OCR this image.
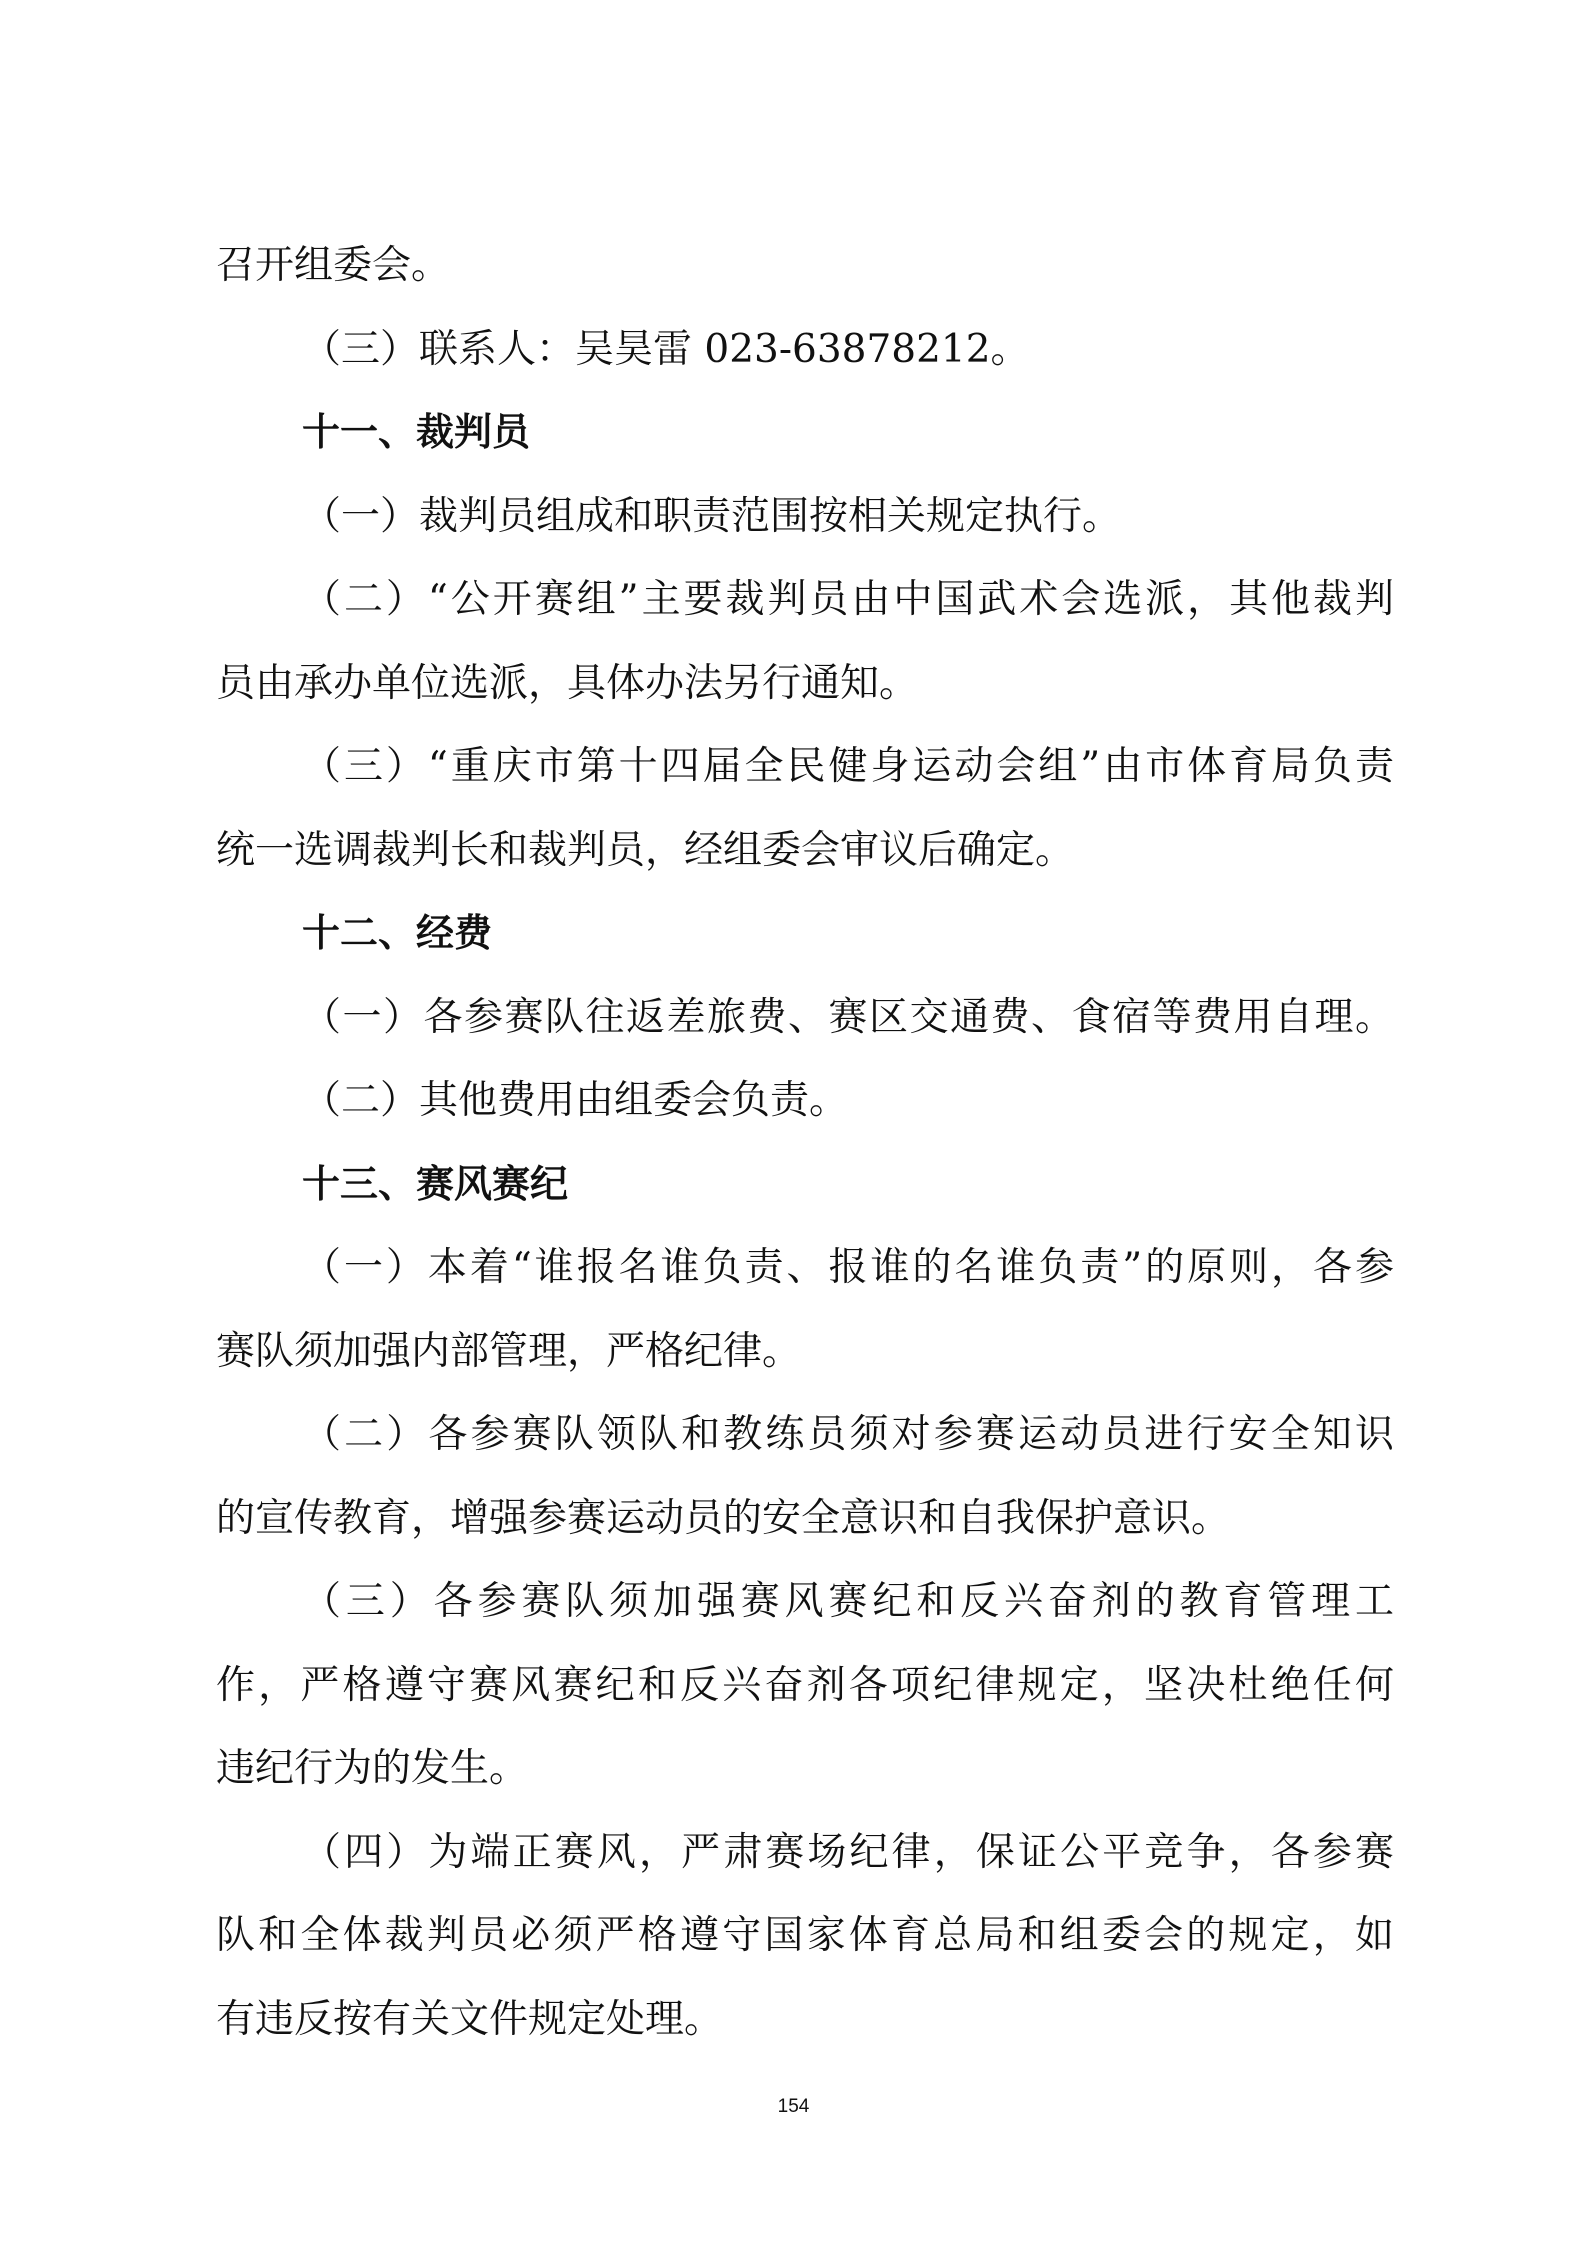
召开组委会。
（三）联系人：吴昊雷 023-63878212。
十一、裁判员
（一）裁判员组成和职责范围按相关规定执行。
（二）“公开赛组”主要裁判员由中国武术会选派，其他裁判
员由承办单位选派，具体办法另行通知。
（三）“重庆市第十四届全民健身运动会组”由市体育局负责
统一选调裁判长和裁判员，经组委会审议后确定。
十二、经费
（一）各参赛队往返差旅费、赛区交通费、食宿等费用自理。
（二）其他费用由组委会负责。
十三、赛风赛纪
（一）本着“谁报名谁负责、报谁的名谁负责”的原则，各参
赛队须加强内部管理，严格纪律。
（二）各参赛队领队和教练员须对参赛运动员进行安全知识
的宣传教育，增强参赛运动员的安全意识和自我保护意识。
（三）各参赛队须加强赛风赛纪和反兴奋剂的教育管理工
作，严格遵守赛风赛纪和反兴奋剂各项纪律规定，坚决杜绝任何
违纪行为的发生。
（四）为端正赛风，严肃赛场纪律，保证公平竞争，各参赛
队和全体裁判员必须严格遵守国家体育总局和组委会的规定，如
有违反按有关文件规定处理。
154
